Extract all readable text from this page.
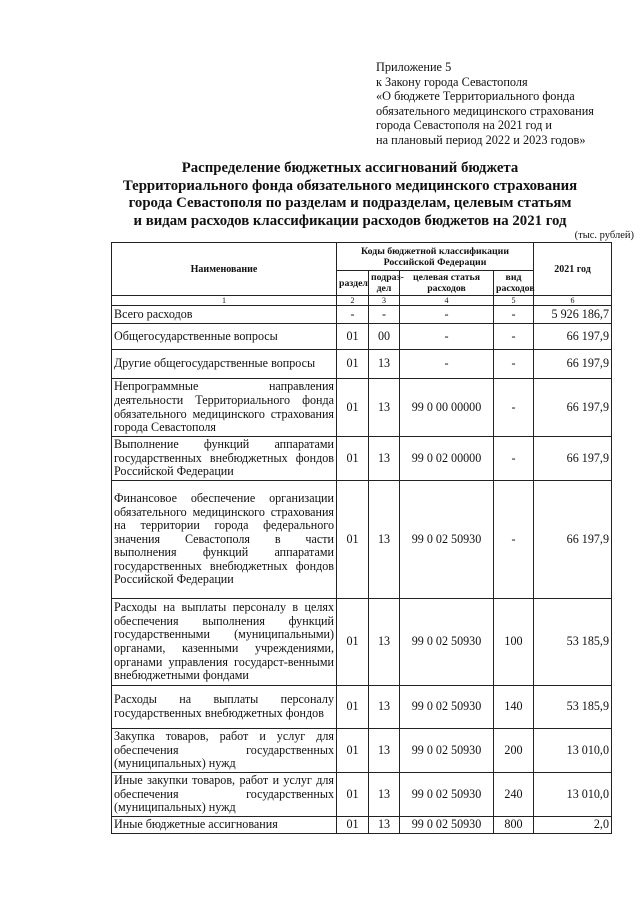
Приложение 5
к Закону города Севастополя
«О бюджете Территориального фонда
обязательного медицинского страхования
города Севастополя на 2021 год и
на плановый период 2022 и 2023 годов»
Распределение бюджетных ассигнований бюджета
Территориального фонда обязательного медицинского страхования
города Севастополя по разделам и подразделам, целевым статьям
и видам расходов классификации расходов бюджетов на 2021 год
(тыс. рублей)
Наименование	Коды бюджетной классификации Российской Федерации				2021 год
	раздел	подраз-дел	целевая статья расходов	вид расходов	
1	2	3	4	5	6
Всего расходов	-	-	-	-	5 926 186,7
Общегосударственные вопросы	01	00	-	-	66 197,9
Другие общегосударственные вопросы	01	13	-	-	66 197,9
Непрограммные направления деятельности Территориального фонда обязательного медицинского страхования города Севастополя	01	13	99 0 00 00000	-	66 197,9
Выполнение функций аппаратами государственных внебюджетных фондов Российской Федерации	01	13	99 0 02 00000	-	66 197,9
Финансовое обеспечение организации обязательного медицинского страхования на территории города федерального значения Севастополя в части выполнения функций аппаратами государственных внебюджетных фондов Российской Федерации	01	13	99 0 02 50930	-	66 197,9
Расходы на выплаты персоналу в целях обеспечения выполнения функций государственными (муниципальными) органами, казенными учреждениями, органами управления государст-венными внебюджетными фондами	01	13	99 0 02 50930	100	53 185,9
Расходы на выплаты персоналу государственных внебюджетных фондов	01	13	99 0 02 50930	140	53 185,9
Закупка товаров, работ и услуг для обеспечения государственных (муниципальных) нужд	01	13	99 0 02 50930	200	13 010,0
Иные закупки товаров, работ и услуг для обеспечения государственных (муниципальных) нужд	01	13	99 0 02 50930	240	13 010,0
Иные бюджетные ассигнования	01	13	99 0 02 50930	800	2,0
